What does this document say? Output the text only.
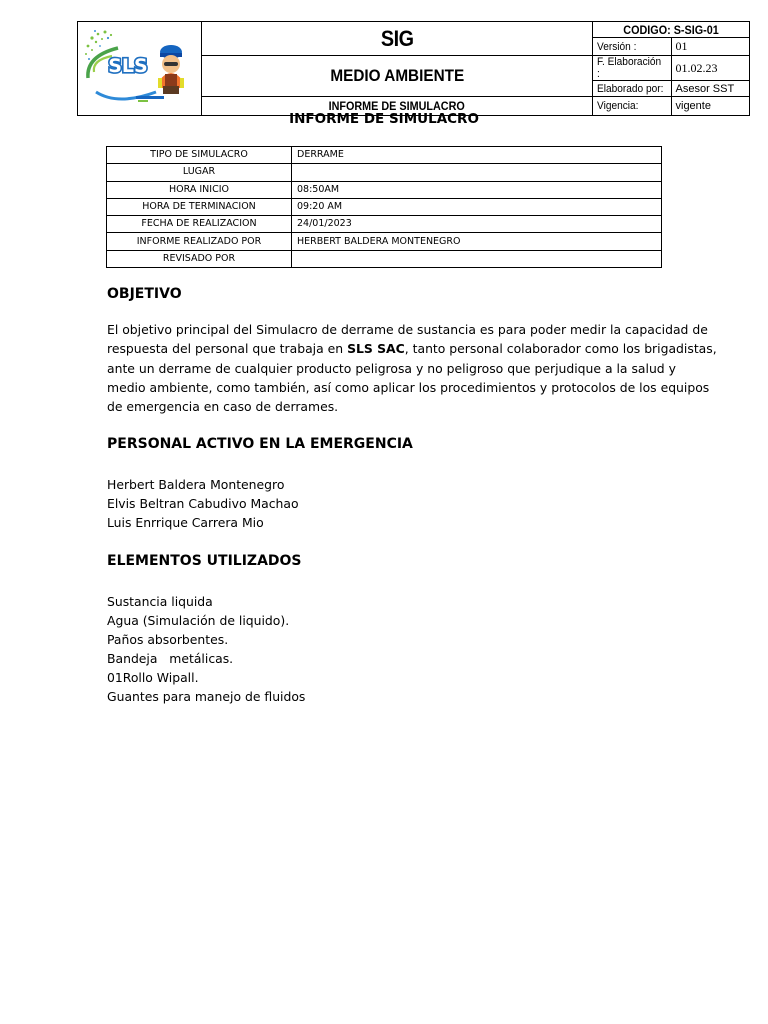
SLS	SIG	CODIGO: S-SIG-01	
		Versión :	01
	MEDIO AMBIENTE	F. Elaboración :	01.02.23
		Elaborado por:	Asesor SST
	INFORME DE SIMULACRO	Vigencia:	vigente
INFORME DE SIMULACRO
TIPO DE SIMULACRO	DERRAME
LUGAR	
HORA INICIO	08:50AM
HORA DE TERMINACION	09:20 AM
FECHA DE REALIZACION	24/01/2023
INFORME REALIZADO POR	HERBERT BALDERA MONTENEGRO
REVISADO POR	
OBJETIVO
El objetivo principal del Simulacro de derrame de sustancia es para poder medir la capacidad de respuesta del personal que trabaja en SLS SAC, tanto personal colaborador como los brigadistas, ante un derrame de cualquier producto peligrosa y no peligroso que perjudique a la salud y medio ambiente, como también, así como aplicar los procedimientos y protocolos de los equipos de emergencia en caso de derrames.
PERSONAL ACTIVO EN LA EMERGENCIA
Herbert Baldera Montenegro
Elvis Beltran Cabudivo Machao
Luis Enrrique Carrera Mio
ELEMENTOS UTILIZADOS
Sustancia liquida
Agua (Simulación de liquido).
Paños absorbentes.
Bandeja   metálicas.
01Rollo Wipall.
Guantes para manejo de fluidos
